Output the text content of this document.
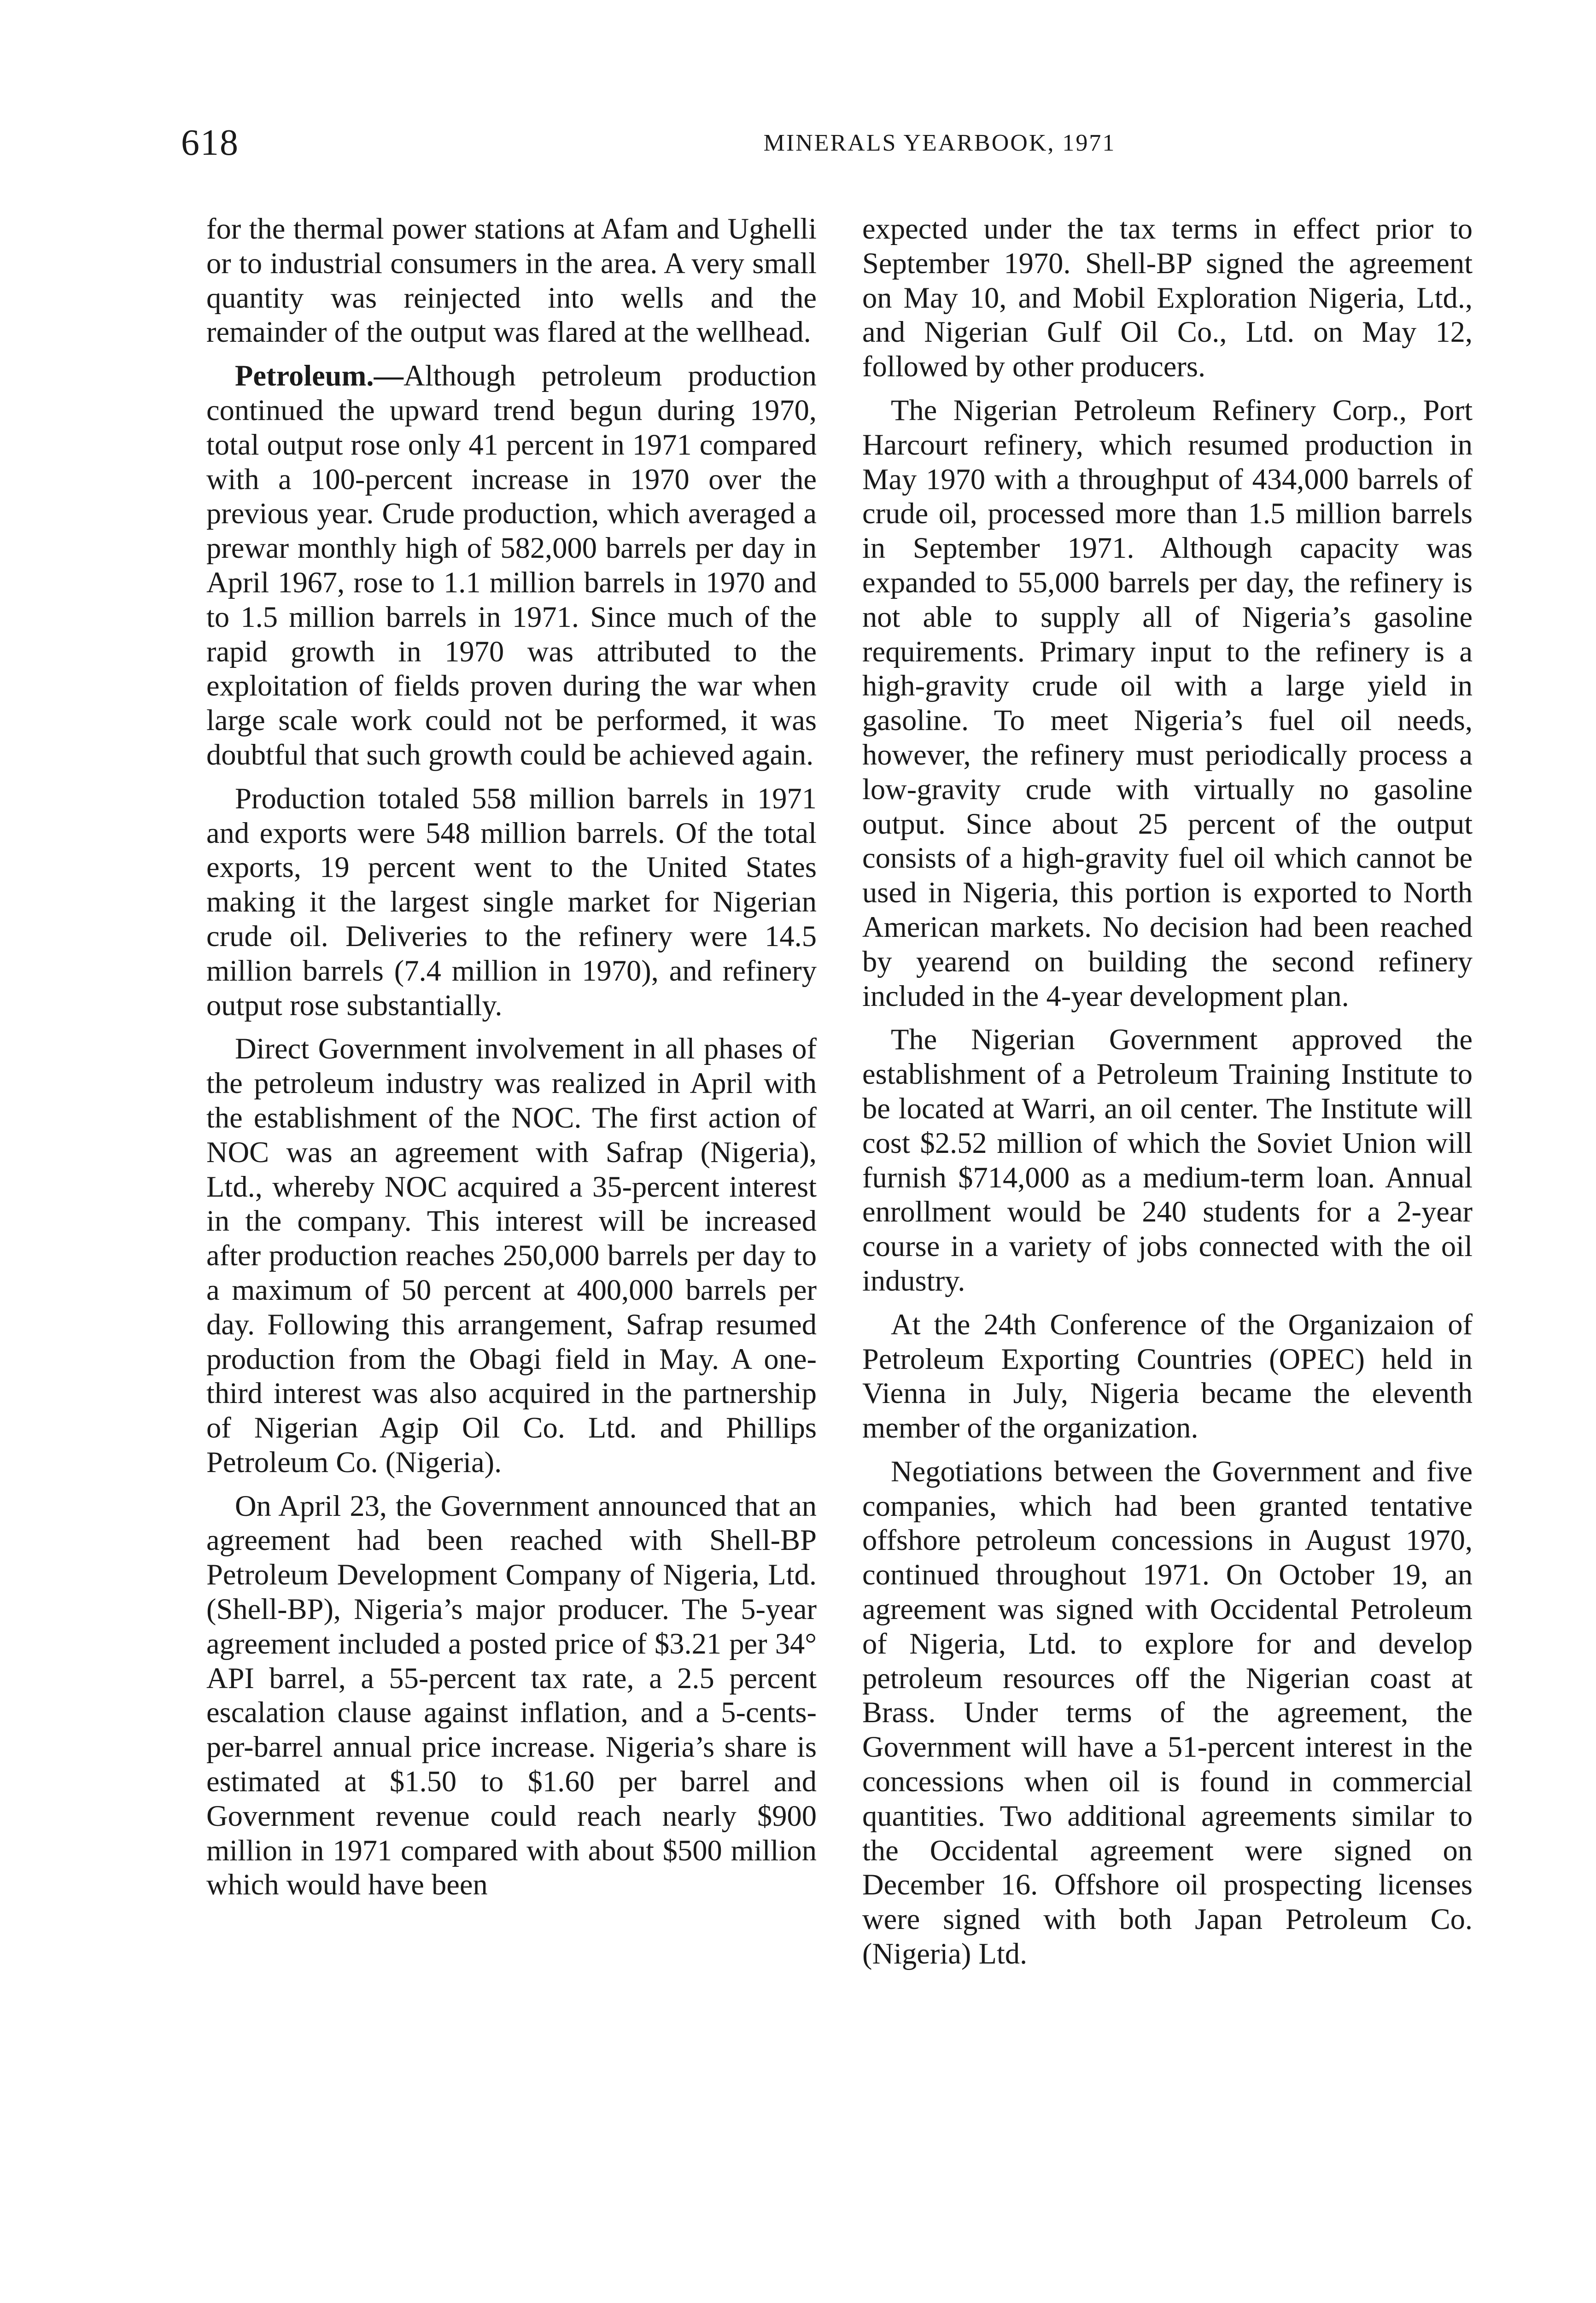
618	MINERALS YEARBOOK, 1971

for the thermal power stations at Afam and Ughelli or to industrial consumers in the area. A very small quantity was reinjected into wells and the remainder of the output was flared at the wellhead.

Petroleum.—Although petroleum production continued the upward trend begun during 1970, total output rose only 41 percent in 1971 compared with a 100-percent increase in 1970 over the previous year. Crude production, which averaged a prewar monthly high of 582,000 barrels per day in April 1967, rose to 1.1 million barrels in 1970 and to 1.5 million barrels in 1971. Since much of the rapid growth in 1970 was attributed to the exploitation of fields proven during the war when large scale work could not be performed, it was doubtful that such growth could be achieved again.

Production totaled 558 million barrels in 1971 and exports were 548 million barrels. Of the total exports, 19 percent went to the United States making it the largest single market for Nigerian crude oil. Deliveries to the refinery were 14.5 million barrels (7.4 million in 1970), and refinery output rose substantially.

Direct Government involvement in all phases of the petroleum industry was realized in April with the establishment of the NOC. The first action of NOC was an agreement with Safrap (Nigeria), Ltd., whereby NOC acquired a 35-percent interest in the company. This interest will be increased after production reaches 250,000 barrels per day to a maximum of 50 percent at 400,000 barrels per day. Following this arrangement, Safrap resumed production from the Obagi field in May. A one-third interest was also acquired in the partnership of Nigerian Agip Oil Co. Ltd. and Phillips Petroleum Co. (Nigeria).

On April 23, the Government announced that an agreement had been reached with Shell-BP Petroleum Development Company of Nigeria, Ltd. (Shell-BP), Nigeria’s major producer. The 5-year agreement included a posted price of $3.21 per 34° API barrel, a 55-percent tax rate, a 2.5 percent escalation clause against inflation, and a 5-cents-per-barrel annual price increase. Nigeria’s share is estimated at $1.50 to $1.60 per barrel and Government revenue could reach nearly $900 million in 1971 compared with about $500 million which would have been

expected under the tax terms in effect prior to September 1970. Shell-BP signed the agreement on May 10, and Mobil Exploration Nigeria, Ltd., and Nigerian Gulf Oil Co., Ltd. on May 12, followed by other producers.

The Nigerian Petroleum Refinery Corp., Port Harcourt refinery, which resumed production in May 1970 with a throughput of 434,000 barrels of crude oil, processed more than 1.5 million barrels in September 1971. Although capacity was expanded to 55,000 barrels per day, the refinery is not able to supply all of Nigeria’s gasoline requirements. Primary input to the refinery is a high-gravity crude oil with a large yield in gasoline. To meet Nigeria’s fuel oil needs, however, the refinery must periodically process a low-gravity crude with virtually no gasoline output. Since about 25 percent of the output consists of a high-gravity fuel oil which cannot be used in Nigeria, this portion is exported to North American markets. No decision had been reached by yearend on building the second refinery included in the 4-year development plan.

The Nigerian Government approved the establishment of a Petroleum Training Institute to be located at Warri, an oil center. The Institute will cost $2.52 million of which the Soviet Union will furnish $714,000 as a medium-term loan. Annual enrollment would be 240 students for a 2-year course in a variety of jobs connected with the oil industry.

At the 24th Conference of the Organizaion of Petroleum Exporting Countries (OPEC) held in Vienna in July, Nigeria became the eleventh member of the organization.

Negotiations between the Government and five companies, which had been granted tentative offshore petroleum concessions in August 1970, continued throughout 1971. On October 19, an agreement was signed with Occidental Petroleum of Nigeria, Ltd. to explore for and develop petroleum resources off the Nigerian coast at Brass. Under terms of the agreement, the Government will have a 51-percent interest in the concessions when oil is found in commercial quantities. Two additional agreements similar to the Occidental agreement were signed on December 16. Offshore oil prospecting licenses were signed with both Japan Petroleum Co. (Nigeria) Ltd.
